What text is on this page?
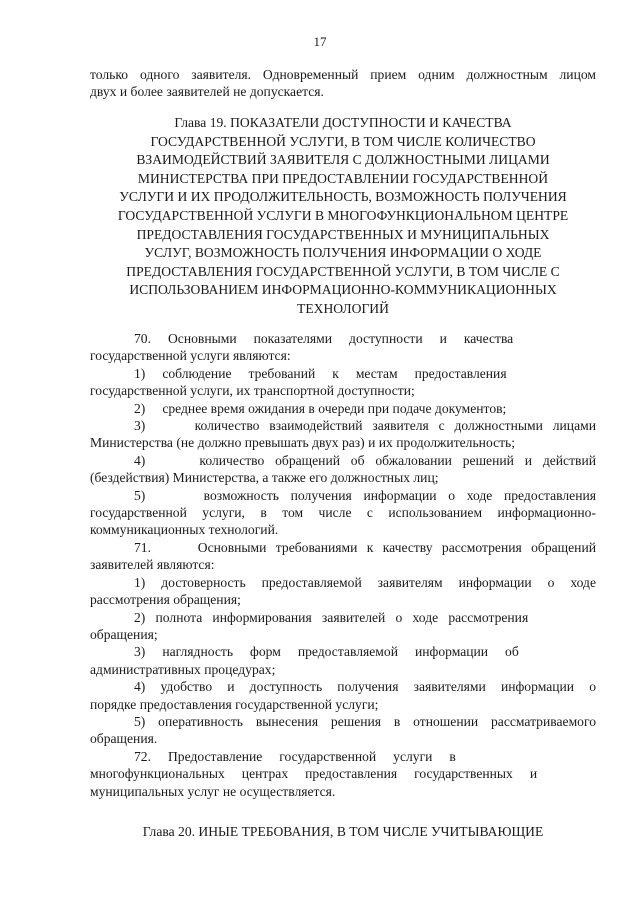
17
только одного заявителя. Одновременный прием одним должностным лицом
двух и более заявителей не допускается.
Глава 19. ПОКАЗАТЕЛИ ДОСТУПНОСТИ И КАЧЕСТВА
ГОСУДАРСТВЕННОЙ УСЛУГИ, В ТОМ ЧИСЛЕ КОЛИЧЕСТВО
ВЗАИМОДЕЙСТВИЙ ЗАЯВИТЕЛЯ С ДОЛЖНОСТНЫМИ ЛИЦАМИ
МИНИСТЕРСТВА ПРИ ПРЕДОСТАВЛЕНИИ ГОСУДАРСТВЕННОЙ
УСЛУГИ И ИХ ПРОДОЛЖИТЕЛЬНОСТЬ, ВОЗМОЖНОСТЬ ПОЛУЧЕНИЯ
ГОСУДАРСТВЕННОЙ УСЛУГИ В МНОГОФУНКЦИОНАЛЬНОМ ЦЕНТРЕ
ПРЕДОСТАВЛЕНИЯ ГОСУДАРСТВЕННЫХ И МУНИЦИПАЛЬНЫХ
УСЛУГ, ВОЗМОЖНОСТЬ ПОЛУЧЕНИЯ ИНФОРМАЦИИ О ХОДЕ
ПРЕДОСТАВЛЕНИЯ ГОСУДАРСТВЕННОЙ УСЛУГИ, В ТОМ ЧИСЛЕ С
ИСПОЛЬЗОВАНИЕМ ИНФОРМАЦИОННО-КОММУНИКАЦИОННЫХ
ТЕХНОЛОГИЙ
70.     Основными     показателями     доступности     и     качества
государственной услуги являются:
1)     соблюдение     требований     к     местам     предоставления
государственной услуги, их транспортной доступности;
2)     среднее время ожидания в очереди при подаче документов;
3)     количество взаимодействий заявителя с должностными лицами
Министерства (не должно превышать двух раз) и их продолжительность;
4)     количество обращений об обжаловании решений и действий
(бездействия) Министерства, а также его должностных лиц;
5)     возможность получения информации о ходе предоставления
государственной услуги, в том числе с использованием информационно-
коммуникационных технологий.
71.     Основными требованиями к качеству рассмотрения обращений
заявителей являются:
1) достоверность предоставляемой заявителям информации о ходе
рассмотрения обращения;
2)   полнота   информирования   заявителей   о   ходе   рассмотрения
обращения;
3)     наглядность     форм     предоставляемой     информации     об
административных процедурах;
4) удобство и доступность получения заявителями информации о
порядке предоставления государственной услуги;
5) оперативность вынесения решения в отношении рассматриваемого
обращения.
72.     Предоставление     государственной     услуги     в
многофункциональных     центрах     предоставления     государственных     и
муниципальных услуг не осуществляется.
Глава 20. ИНЫЕ ТРЕБОВАНИЯ, В ТОМ ЧИСЛЕ УЧИТЫВАЮЩИЕ
